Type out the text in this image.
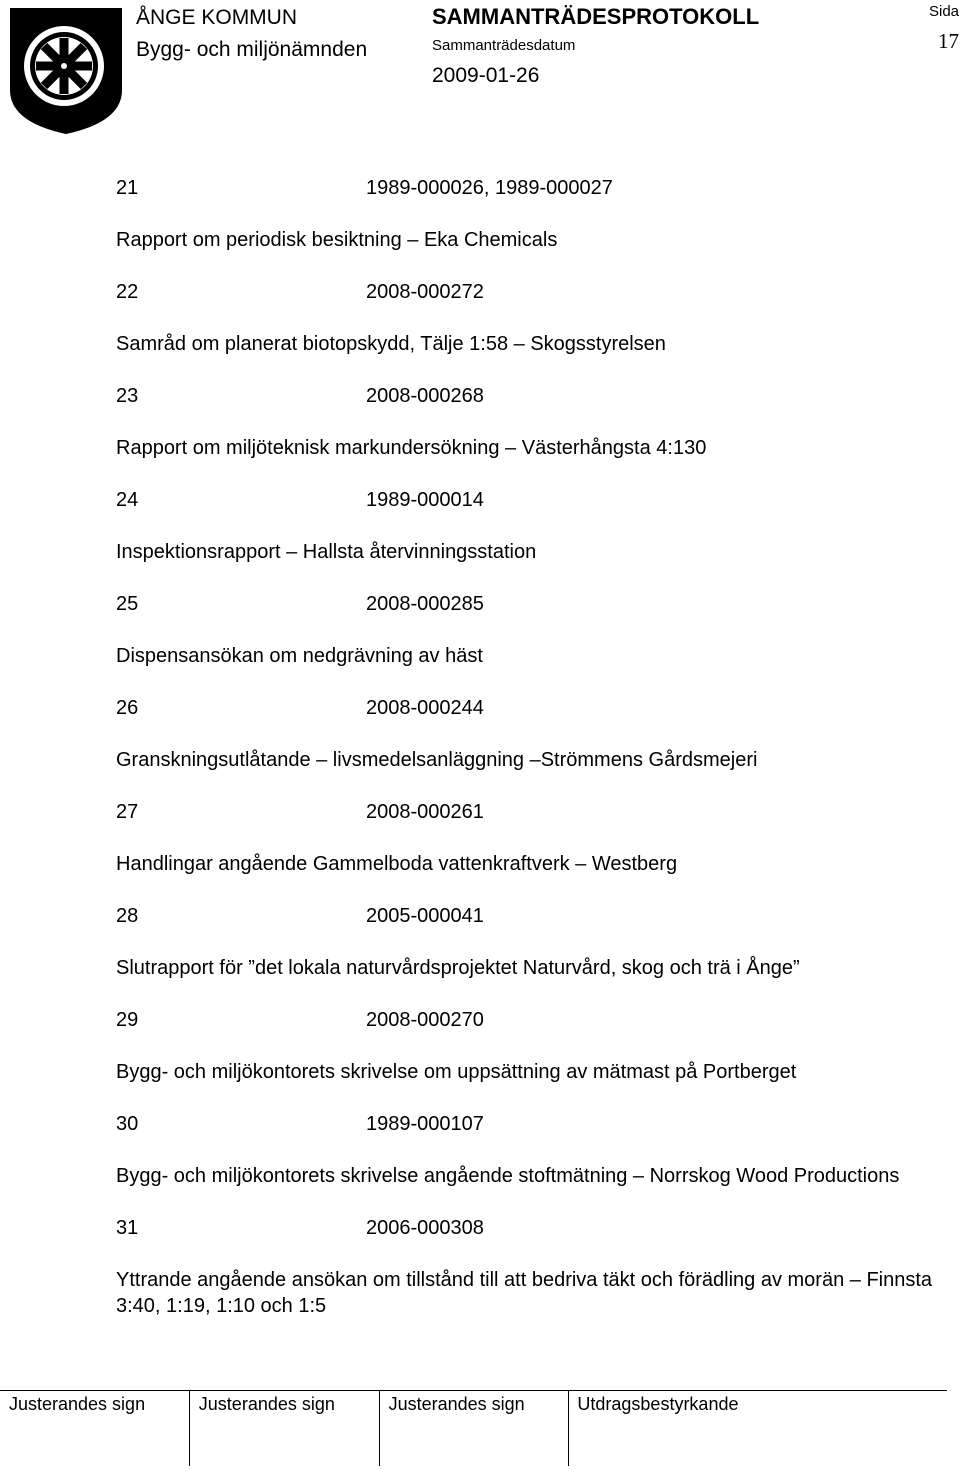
ÅNGE KOMMUN
Bygg- och miljönämnden
SAMMANTRÄDESPROTOKOLL
Sammanträdesdatum
2009-01-26
Sida
17
21	1989-000026, 1989-000027
Rapport om periodisk besiktning – Eka Chemicals
22	2008-000272
Samråd om planerat biotopskydd, Tälje 1:58 – Skogsstyrelsen
23	2008-000268
Rapport om miljöteknisk markundersökning – Västerhångsta 4:130
24	1989-000014
Inspektionsrapport – Hallsta återvinningsstation
25	2008-000285
Dispensansökan om nedgrävning av häst
26	2008-000244
Granskningsutlåtande – livsmedelsanläggning –Strömmens Gårdsmejeri
27	2008-000261
Handlingar angående Gammelboda vattenkraftverk – Westberg
28	2005-000041
Slutrapport för ”det lokala naturvårdsprojektet Naturvård, skog och trä i Ånge”
29	2008-000270
Bygg- och miljökontorets skrivelse om uppsättning av mätmast på Portberget
30	1989-000107
Bygg- och miljökontorets skrivelse angående stoftmätning – Norrskog Wood Productions
31	2006-000308
Yttrande angående ansökan om tillstånd till att bedriva täkt och förädling av morän – Finnsta 3:40, 1:19, 1:10 och 1:5
Justerandes sign	Justerandes sign	Justerandes sign	Utdragsbestyrkande
